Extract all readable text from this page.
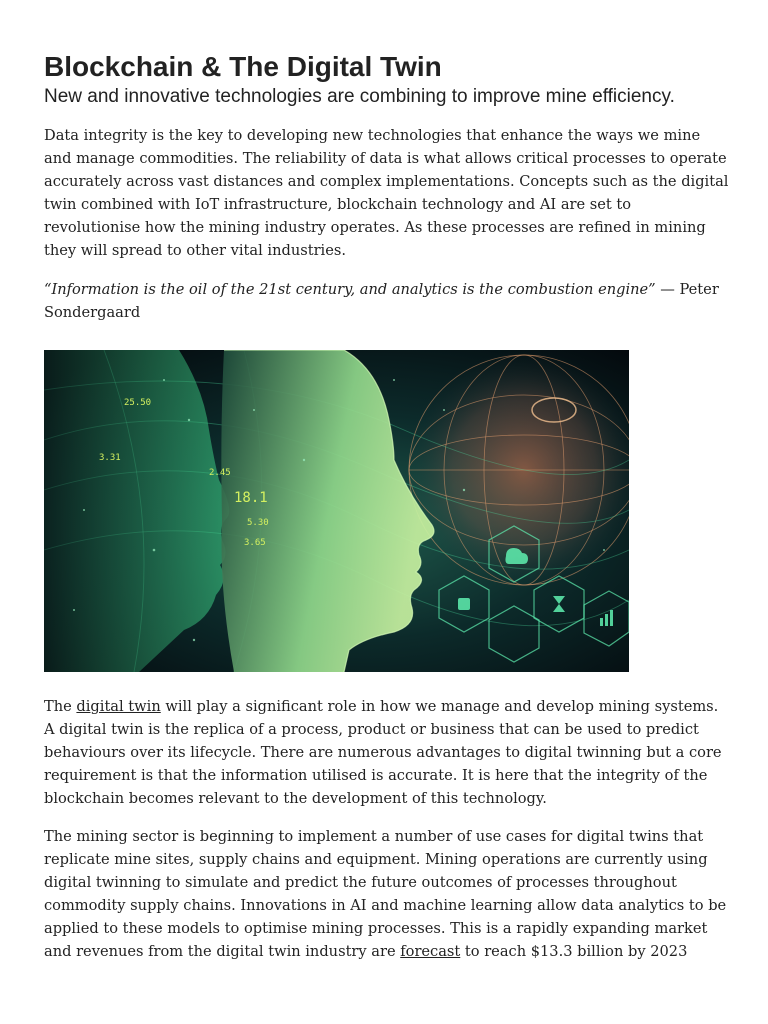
Blockchain & The Digital Twin
New and innovative technologies are combining to improve mine efficiency.

Data integrity is the key to developing new technologies that enhance the ways we mine and manage commodities. The reliability of data is what allows critical processes to operate accurately across vast distances and complex implementations. Concepts such as the digital twin combined with IoT infrastructure, blockchain technology and AI are set to revolutionise how the mining industry operates. As these processes are refined in mining they will spread to other vital industries.

“Information is the oil of the 21st century, and analytics is the combustion engine” — Peter Sondergaard

25.50
3.31
18.1
2.45
5.30
3.65

The digital twin will play a significant role in how we manage and develop mining systems. A digital twin is the replica of a process, product or business that can be used to predict behaviours over its lifecycle. There are numerous advantages to digital twinning but a core requirement is that the information utilised is accurate. It is here that the integrity of the blockchain becomes relevant to the development of this technology.

The mining sector is beginning to implement a number of use cases for digital twins that replicate mine sites, supply chains and equipment. Mining operations are currently using digital twinning to simulate and predict the future outcomes of processes throughout commodity supply chains. Innovations in AI and machine learning allow data analytics to be applied to these models to optimise mining processes. This is a rapidly expanding market and revenues from the digital twin industry are forecast to reach $13.3 billion by 2023
